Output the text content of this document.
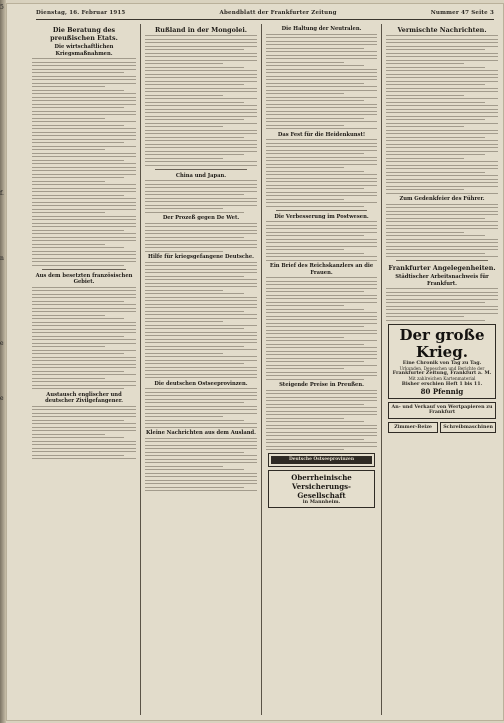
5
f.
n
e
e
Dienstag, 16. Februar 1915	Abendblatt der Frankfurter Zeitung	Nummer 47 Seite 3
Die Beratung des preußischen Etats.
Die wirtschaftlichen Kriegsmaßnahmen.
Aus dem besetzten französischen Gebiet.
Austausch englischer und deutscher Zivilgefangener.
Rußland in der Mongolei.
China und Japan.
Der Prozeß gegen De Wet.
Hilfe für kriegsgefangene Deutsche.
Die deutschen Ostseeprovinzen.
Kleine Nachrichten aus dem Ausland.
Die Haltung der Neutralen.
Das Fest für die Heidenkunst!
Die Verbesserung im Postwesen.
Ein Brief des Reichskanzlers an die Frauen.
Steigende Preise in Preußen.
Deutsche Ostseeprovinzen
Oberrheinische Versicherungs-Gesellschaft
in Mannheim.
Vermischte Nachrichten.
Zum Gedenkfeier des Führer.
Frankfurter Angelegenheiten.
Städtischer Arbeitsnachweis für Frankfurt.
Der große Krieg.
Eine Chronik von Tag zu Tag.
Urkunden, Depeschen und Berichte der
Frankfurter Zeitung, Frankfurt a. M.
Mit zahlreichen Kartenmaterial
Bisher erschien Heft 1 bis 11.
80 Pfennig
An- und Verkauf von Wertpapieren zu Frankfurt
Zimmer-Beize	Schreibmaschinen
